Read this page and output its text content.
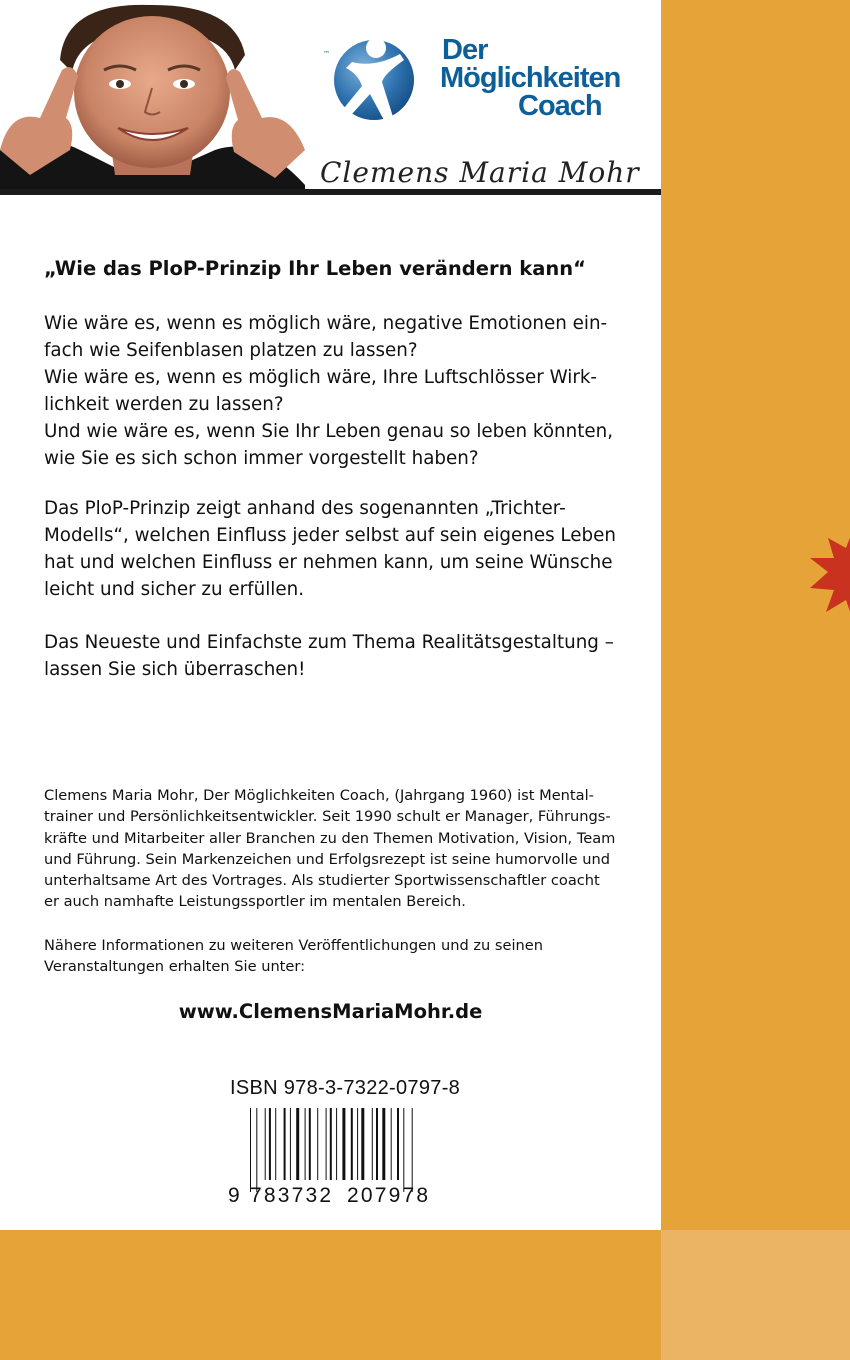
™	Der
Möglichkeiten
Coach
Clemens Maria Mohr
„Wie das PloP-Prinzip Ihr Leben verändern kann“
Wie wäre es, wenn es möglich wäre, negative Emotionen ein-
fach wie Seifenblasen platzen zu lassen?
Wie wäre es, wenn es möglich wäre, Ihre Luftschlösser Wirk-
lichkeit werden zu lassen?
Und wie wäre es, wenn Sie Ihr Leben genau so leben könnten,
wie Sie es sich schon immer vorgestellt haben?
Das PloP-Prinzip zeigt anhand des sogenannten „Trichter-
Modells“, welchen Einfluss jeder selbst auf sein eigenes Leben
hat und welchen Einfluss er nehmen kann, um seine Wünsche
leicht und sicher zu erfüllen.
Das Neueste und Einfachste zum Thema Realitätsgestaltung –
lassen Sie sich überraschen!
Clemens Maria Mohr, Der Möglichkeiten Coach, (Jahrgang 1960) ist Mental-
trainer und Persönlichkeitsentwickler. Seit 1990 schult er Manager, Führungs-
kräfte und Mitarbeiter aller Branchen zu den Themen Motivation, Vision, Team
und Führung. Sein Markenzeichen und Erfolgsrezept ist seine humorvolle und
unterhaltsame Art des Vortrages. Als studierter Sportwissenschaftler coacht
er auch namhafte Leistungssportler im mentalen Bereich.
Nähere Informationen zu weiteren Veröffentlichungen und zu seinen
Veranstaltungen erhalten Sie unter:
www.ClemensMariaMohr.de
ISBN 978-3-7322-0797-8
9 783732 207978
